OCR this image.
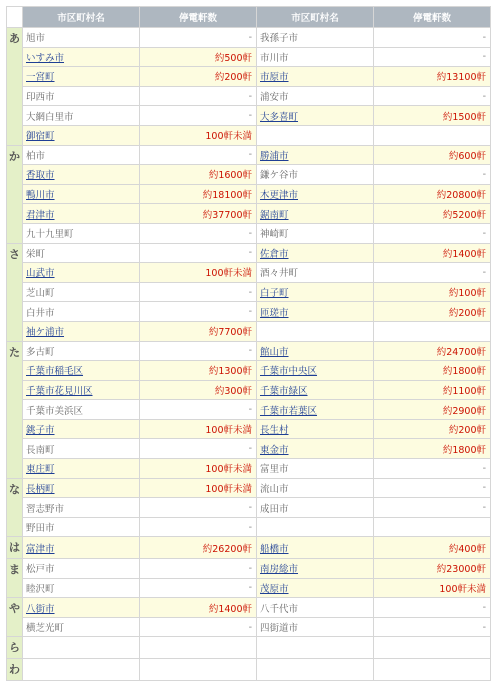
	市区町村名	停電軒数	市区町村名	停電軒数
あ	旭市	-	我孫子市	-
	いすみ市	約500軒	市川市	-
	一宮町	約200軒	市原市	約13100軒
	印西市	-	浦安市	-
	大網白里市	-	大多喜町	約1500軒
	御宿町	100軒未満		
か	柏市	-	勝浦市	約600軒
	香取市	約1600軒	鎌ケ谷市	-
	鴨川市	約18100軒	木更津市	約20800軒
	君津市	約37700軒	鋸南町	約5200軒
	九十九里町	-	神崎町	-
さ	栄町	-	佐倉市	約1400軒
	山武市	100軒未満	酒々井町	-
	芝山町	-	白子町	約100軒
	白井市	-	匝瑳市	約200軒
	袖ケ浦市	約7700軒		
た	多古町	-	館山市	約24700軒
	千葉市稲毛区	約1300軒	千葉市中央区	約1800軒
	千葉市花見川区	約300軒	千葉市緑区	約1100軒
	千葉市美浜区	-	千葉市若葉区	約2900軒
	銚子市	100軒未満	長生村	約200軒
	長南町	-	東金市	約1800軒
	東庄町	100軒未満	富里市	-
な	長柄町	100軒未満	流山市	-
	習志野市	-	成田市	-
	野田市	-		
は	富津市	約26200軒	船橋市	約400軒
ま	松戸市	-	南房総市	約23000軒
	睦沢町	-	茂原市	100軒未満
や	八街市	約1400軒	八千代市	-
	横芝光町	-	四街道市	-
ら				
わ				
